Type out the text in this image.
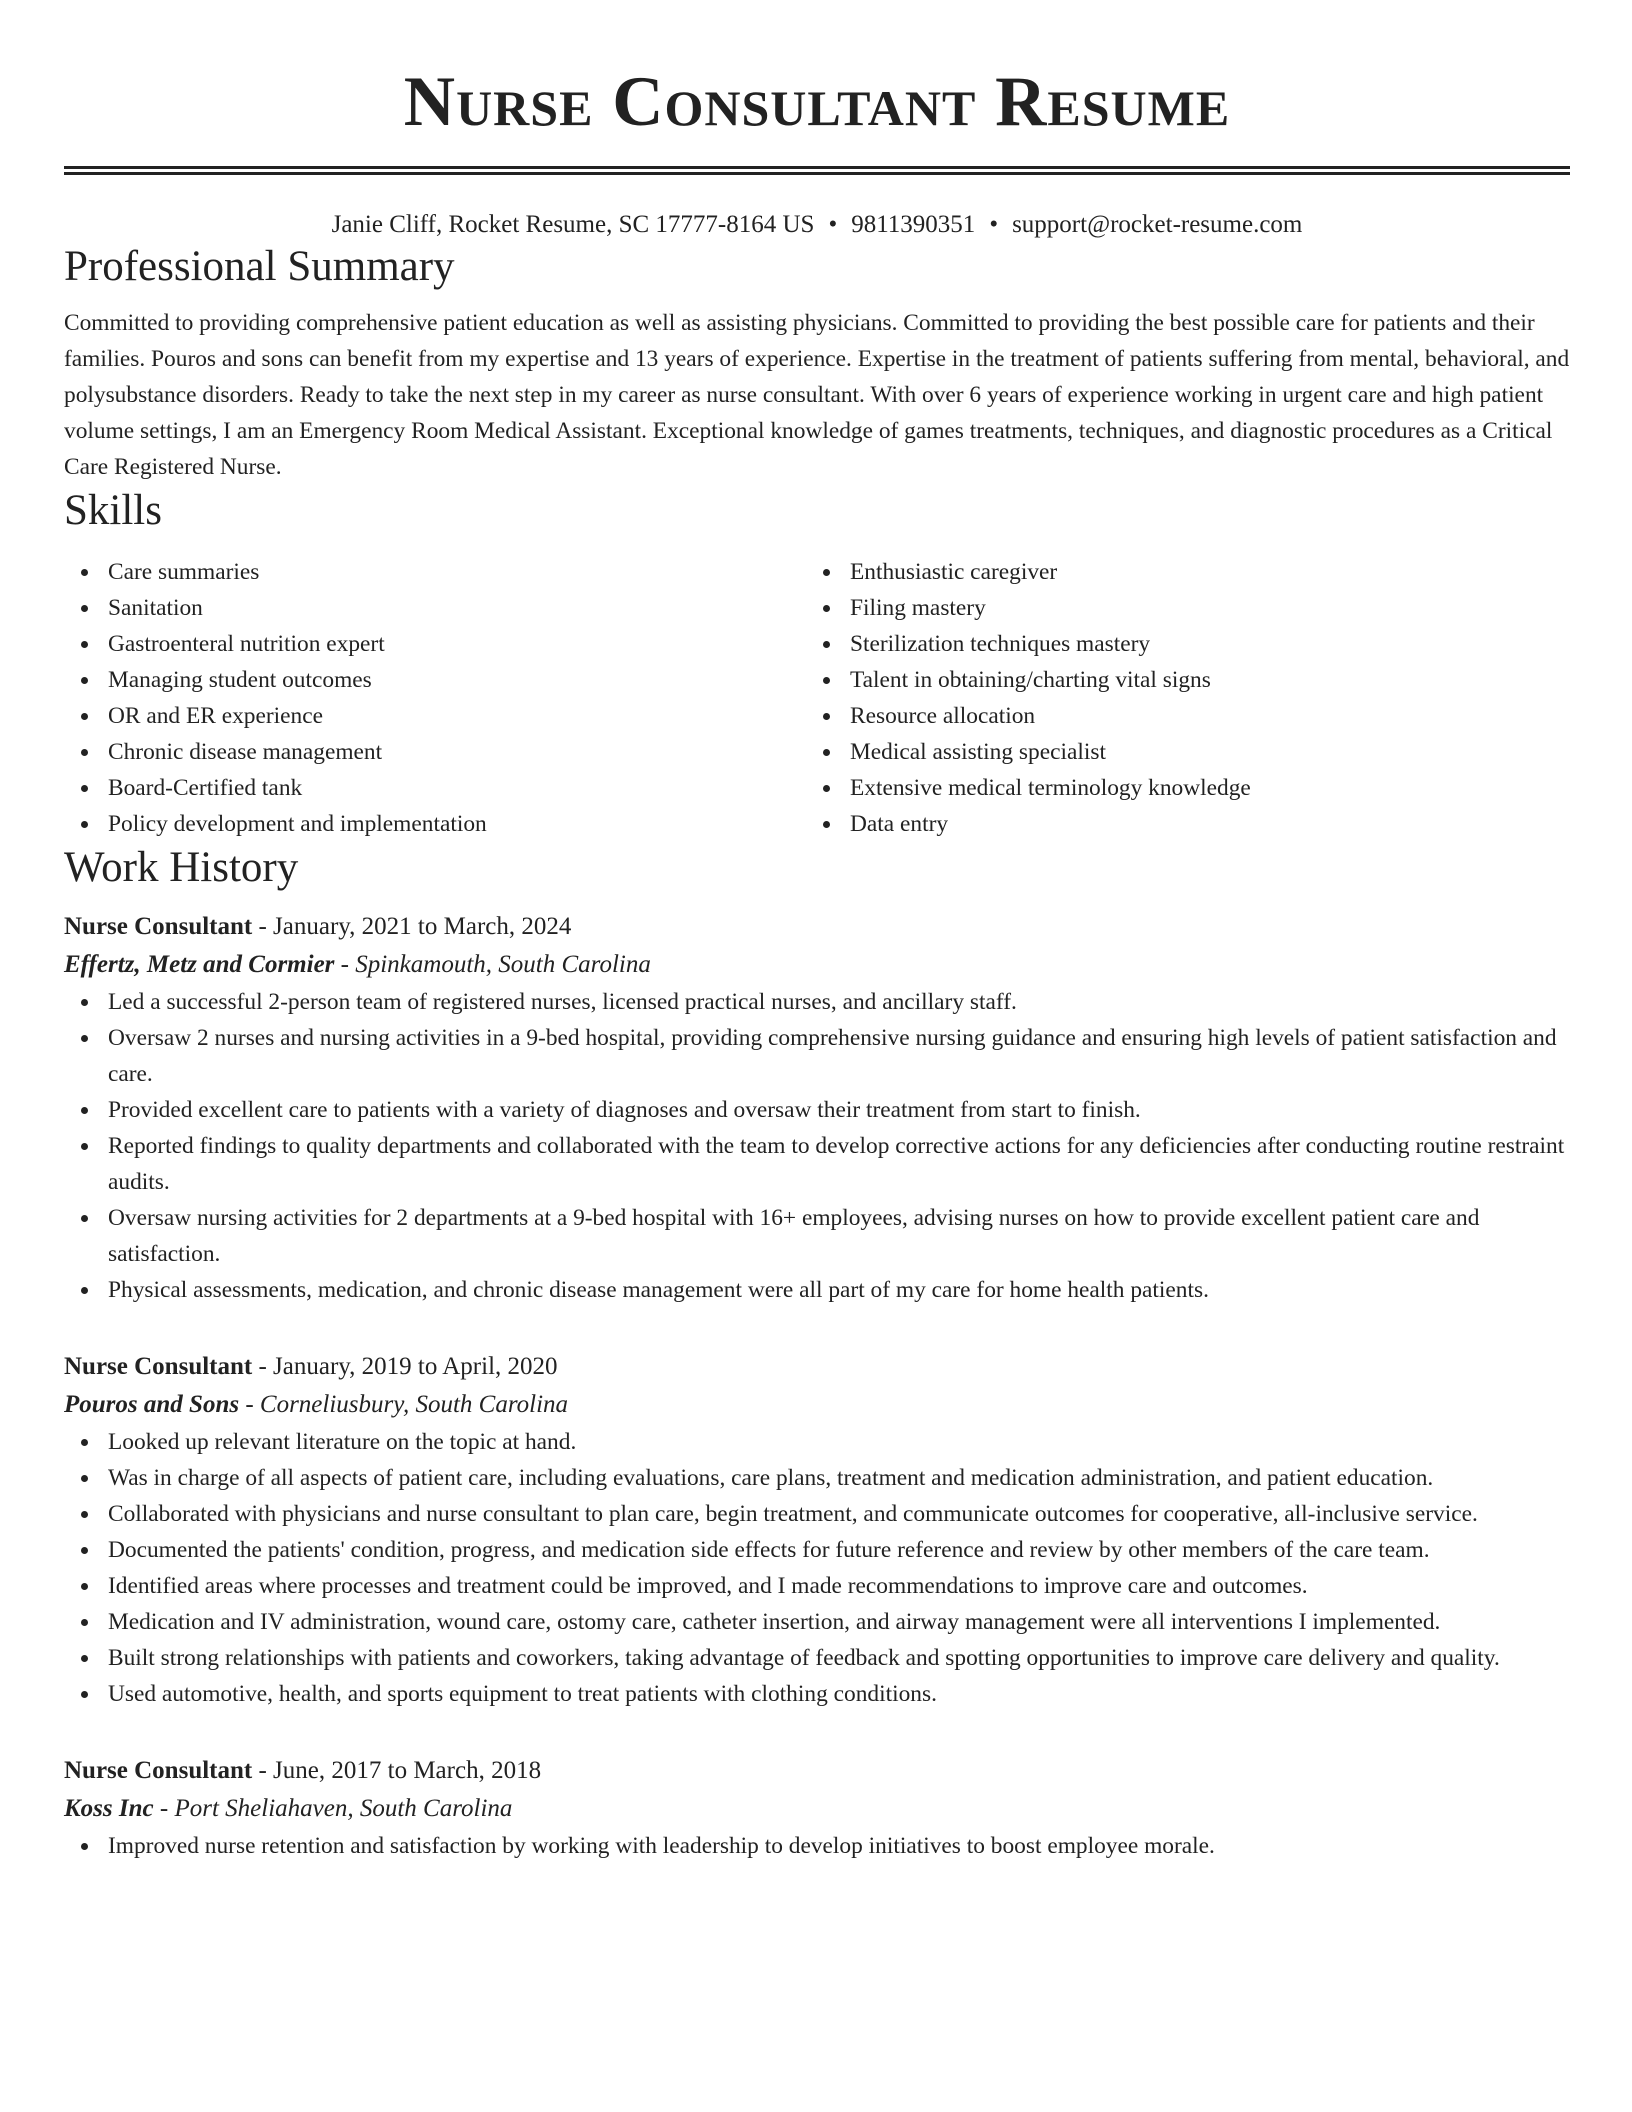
Nurse Consultant Resume
Janie Cliff, Rocket Resume, SC 17777-8164 US • 9811390351 • support@rocket-resume.com
Professional Summary

Committed to providing comprehensive patient education as well as assisting physicians. Committed to providing the best possible care for patients and their families. Pouros and sons can benefit from my expertise and 13 years of experience. Expertise in the treatment of patients suffering from mental, behavioral, and polysubstance disorders. Ready to take the next step in my career as nurse consultant. With over 6 years of experience working in urgent care and high patient volume settings, I am an Emergency Room Medical Assistant. Exceptional knowledge of games treatments, techniques, and diagnostic procedures as a Critical Care Registered Nurse.

Skills
Care summaries
Sanitation
Gastroenteral nutrition expert
Managing student outcomes
OR and ER experience
Chronic disease management
Board-Certified tank
Policy development and implementation
Enthusiastic caregiver
Filing mastery
Sterilization techniques mastery
Talent in obtaining/charting vital signs
Resource allocation
Medical assisting specialist
Extensive medical terminology knowledge
Data entry
Work History
Nurse Consultant - January, 2021 to March, 2024
Effertz, Metz and Cormier - Spinkamouth, South Carolina
Led a successful 2-person team of registered nurses, licensed practical nurses, and ancillary staff.
Oversaw 2 nurses and nursing activities in a 9-bed hospital, providing comprehensive nursing guidance and ensuring high levels of patient satisfaction and care.
Provided excellent care to patients with a variety of diagnoses and oversaw their treatment from start to finish.
Reported findings to quality departments and collaborated with the team to develop corrective actions for any deficiencies after conducting routine restraint audits.
Oversaw nursing activities for 2 departments at a 9-bed hospital with 16+ employees, advising nurses on how to provide excellent patient care and satisfaction.
Physical assessments, medication, and chronic disease management were all part of my care for home health patients.
Nurse Consultant - January, 2019 to April, 2020
Pouros and Sons - Corneliusbury, South Carolina
Looked up relevant literature on the topic at hand.
Was in charge of all aspects of patient care, including evaluations, care plans, treatment and medication administration, and patient education.
Collaborated with physicians and nurse consultant to plan care, begin treatment, and communicate outcomes for cooperative, all-inclusive service.
Documented the patients' condition, progress, and medication side effects for future reference and review by other members of the care team.
Identified areas where processes and treatment could be improved, and I made recommendations to improve care and outcomes.
Medication and IV administration, wound care, ostomy care, catheter insertion, and airway management were all interventions I implemented.
Built strong relationships with patients and coworkers, taking advantage of feedback and spotting opportunities to improve care delivery and quality.
Used automotive, health, and sports equipment to treat patients with clothing conditions.
Nurse Consultant - June, 2017 to March, 2018
Koss Inc - Port Sheliahaven, South Carolina
Improved nurse retention and satisfaction by working with leadership to develop initiatives to boost employee morale.
